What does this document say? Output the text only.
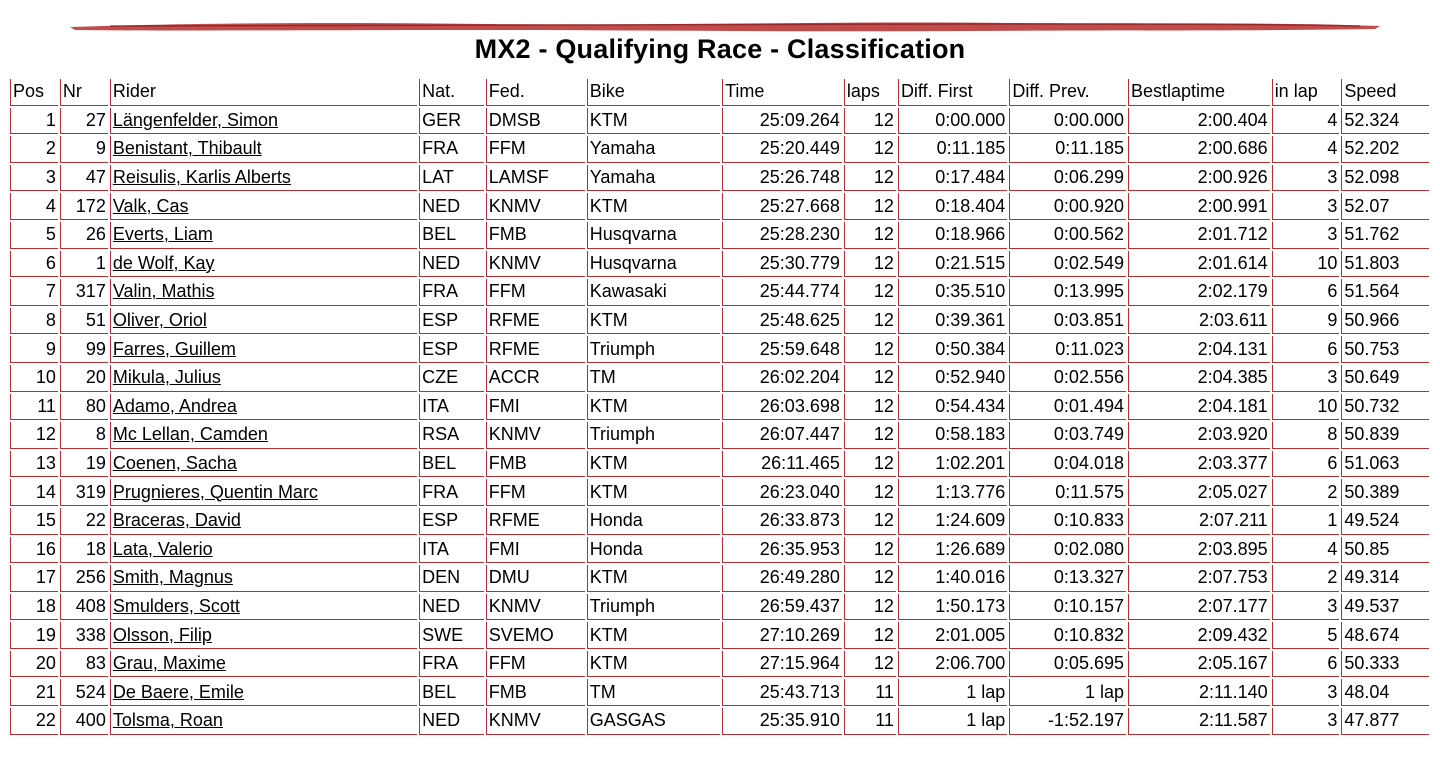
MX2 - Qualifying Race - Classification
Pos	Nr	Rider	Nat.	Fed.	Bike	Time	laps	Diff. First	Diff. Prev.	Bestlaptime	in lap	Speed
1	27	Längenfelder, Simon	GER	DMSB	KTM	25:09.264	12	0:00.000	0:00.000	2:00.404	4	52.324
2	9	Benistant, Thibault	FRA	FFM	Yamaha	25:20.449	12	0:11.185	0:11.185	2:00.686	4	52.202
3	47	Reisulis, Karlis Alberts	LAT	LAMSF	Yamaha	25:26.748	12	0:17.484	0:06.299	2:00.926	3	52.098
4	172	Valk, Cas	NED	KNMV	KTM	25:27.668	12	0:18.404	0:00.920	2:00.991	3	52.07
5	26	Everts, Liam	BEL	FMB	Husqvarna	25:28.230	12	0:18.966	0:00.562	2:01.712	3	51.762
6	1	de Wolf, Kay	NED	KNMV	Husqvarna	25:30.779	12	0:21.515	0:02.549	2:01.614	10	51.803
7	317	Valin, Mathis	FRA	FFM	Kawasaki	25:44.774	12	0:35.510	0:13.995	2:02.179	6	51.564
8	51	Oliver, Oriol	ESP	RFME	KTM	25:48.625	12	0:39.361	0:03.851	2:03.611	9	50.966
9	99	Farres, Guillem	ESP	RFME	Triumph	25:59.648	12	0:50.384	0:11.023	2:04.131	6	50.753
10	20	Mikula, Julius	CZE	ACCR	TM	26:02.204	12	0:52.940	0:02.556	2:04.385	3	50.649
11	80	Adamo, Andrea	ITA	FMI	KTM	26:03.698	12	0:54.434	0:01.494	2:04.181	10	50.732
12	8	Mc Lellan, Camden	RSA	KNMV	Triumph	26:07.447	12	0:58.183	0:03.749	2:03.920	8	50.839
13	19	Coenen, Sacha	BEL	FMB	KTM	26:11.465	12	1:02.201	0:04.018	2:03.377	6	51.063
14	319	Prugnieres, Quentin Marc	FRA	FFM	KTM	26:23.040	12	1:13.776	0:11.575	2:05.027	2	50.389
15	22	Braceras, David	ESP	RFME	Honda	26:33.873	12	1:24.609	0:10.833	2:07.211	1	49.524
16	18	Lata, Valerio	ITA	FMI	Honda	26:35.953	12	1:26.689	0:02.080	2:03.895	4	50.85
17	256	Smith, Magnus	DEN	DMU	KTM	26:49.280	12	1:40.016	0:13.327	2:07.753	2	49.314
18	408	Smulders, Scott	NED	KNMV	Triumph	26:59.437	12	1:50.173	0:10.157	2:07.177	3	49.537
19	338	Olsson, Filip	SWE	SVEMO	KTM	27:10.269	12	2:01.005	0:10.832	2:09.432	5	48.674
20	83	Grau, Maxime	FRA	FFM	KTM	27:15.964	12	2:06.700	0:05.695	2:05.167	6	50.333
21	524	De Baere, Emile	BEL	FMB	TM	25:43.713	11	1 lap	1 lap	2:11.140	3	48.04
22	400	Tolsma, Roan	NED	KNMV	GASGAS	25:35.910	11	1 lap	-1:52.197	2:11.587	3	47.877
